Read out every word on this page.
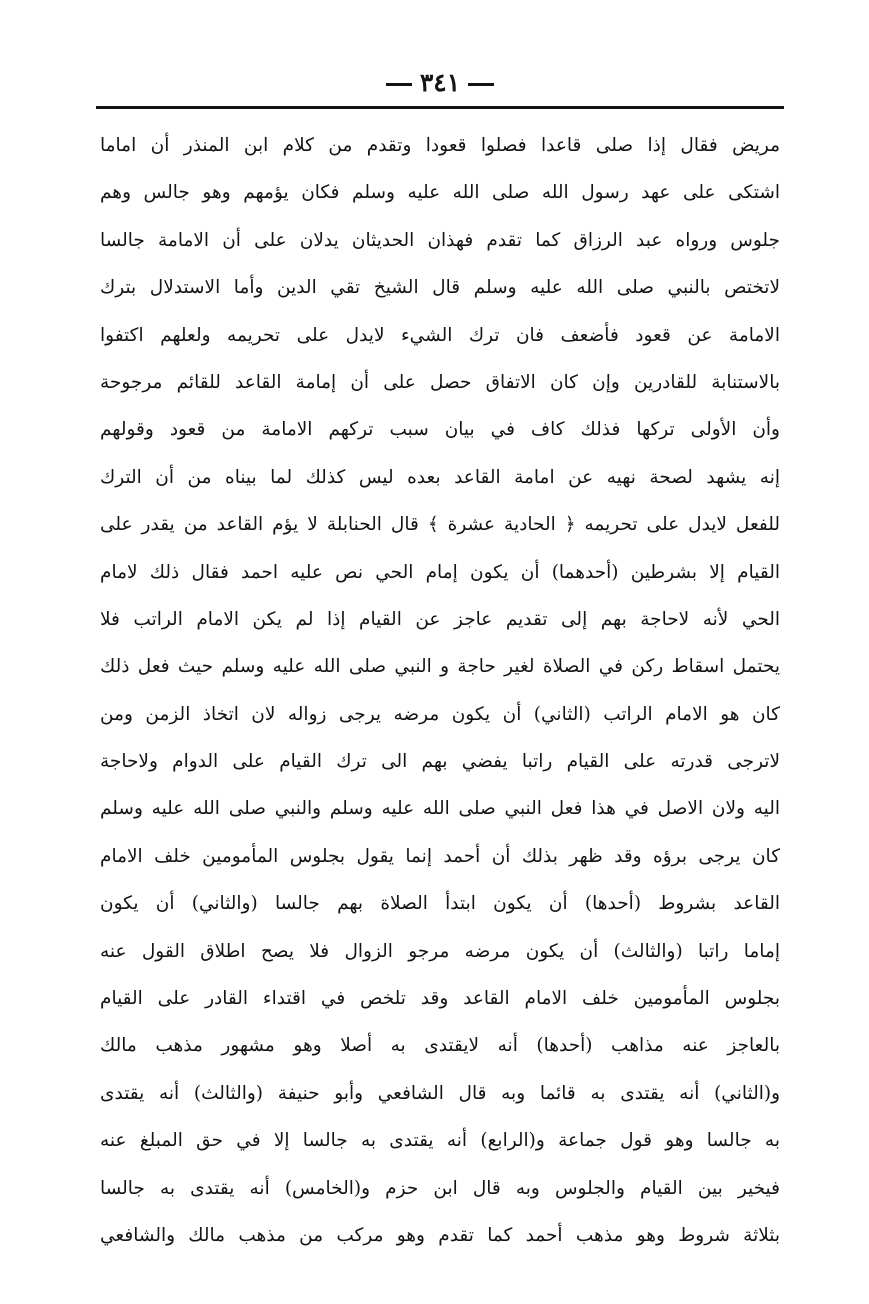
٣٤١
مريض فقال إذا صلى قاعدا فصلوا قعودا وتقدم من كلام ابن المنذر أن اماما
اشتكى على عهد رسول الله صلى الله عليه وسلم فكان يؤمهم وهو جالس وهم
جلوس ورواه عبد الرزاق كما تقدم فهذان الحديثان يدلان على أن الامامة جالسا
لاتختص بالنبي صلى الله عليه وسلم قال الشيخ تقي الدين وأما الاستدلال بترك
الامامة عن قعود فأضعف فان ترك الشيء لايدل على تحريمه ولعلهم اكتفوا
بالاستنابة للقادرين وإن كان الاتفاق حصل على أن إمامة القاعد للقائم مرجوحة
وأن الأولى تركها فذلك كاف في بيان سبب تركهم الامامة من قعود وقولهم
إنه يشهد لصحة نهيه عن امامة القاعد بعده ليس كذلك لما بيناه من أن الترك
للفعل لايدل على تحريمه ﴿ الحادية عشرة ﴾ قال الحنابلة لا يؤم القاعد من يقدر على
القيام إلا بشرطين (أحدهما) أن يكون إمام الحي نص عليه احمد فقال ذلك لامام
الحي لأنه لاحاجة بهم إلى تقديم عاجز عن القيام إذا لم يكن الامام الراتب فلا
يحتمل اسقاط ركن في الصلاة لغير حاجة و النبي صلى الله عليه وسلم حيث فعل ذلك
كان هو الامام الراتب (الثاني) أن يكون مرضه يرجى زواله لان اتخاذ الزمن ومن
لاترجى قدرته على القيام راتبا يفضي بهم الى ترك القيام على الدوام ولاحاجة
اليه ولان الاصل في هذا فعل النبي صلى الله عليه وسلم والنبي صلى الله عليه وسلم
كان يرجى برؤه وقد ظهر بذلك أن أحمد إنما يقول بجلوس المأمومين خلف الامام
القاعد بشروط (أحدها) أن يكون ابتدأ الصلاة بهم جالسا (والثاني) أن يكون
إماما راتبا (والثالث) أن يكون مرضه مرجو الزوال فلا يصح اطلاق القول عنه
بجلوس المأمومين خلف الامام القاعد وقد تلخص في اقتداء القادر على القيام
بالعاجز عنه مذاهب (أحدها) أنه لايقتدى به أصلا وهو مشهور مذهب مالك
و(الثاني) أنه يقتدى به قائما وبه قال الشافعي وأبو حنيفة (والثالث) أنه يقتدى
به جالسا وهو قول جماعة و(الرابع) أنه يقتدى به جالسا إلا في حق المبلغ عنه
فيخير بين القيام والجلوس وبه قال ابن حزم و(الخامس) أنه يقتدى به جالسا
بثلاثة شروط وهو مذهب أحمد كما تقدم وهو مركب من مذهب مالك والشافعي
